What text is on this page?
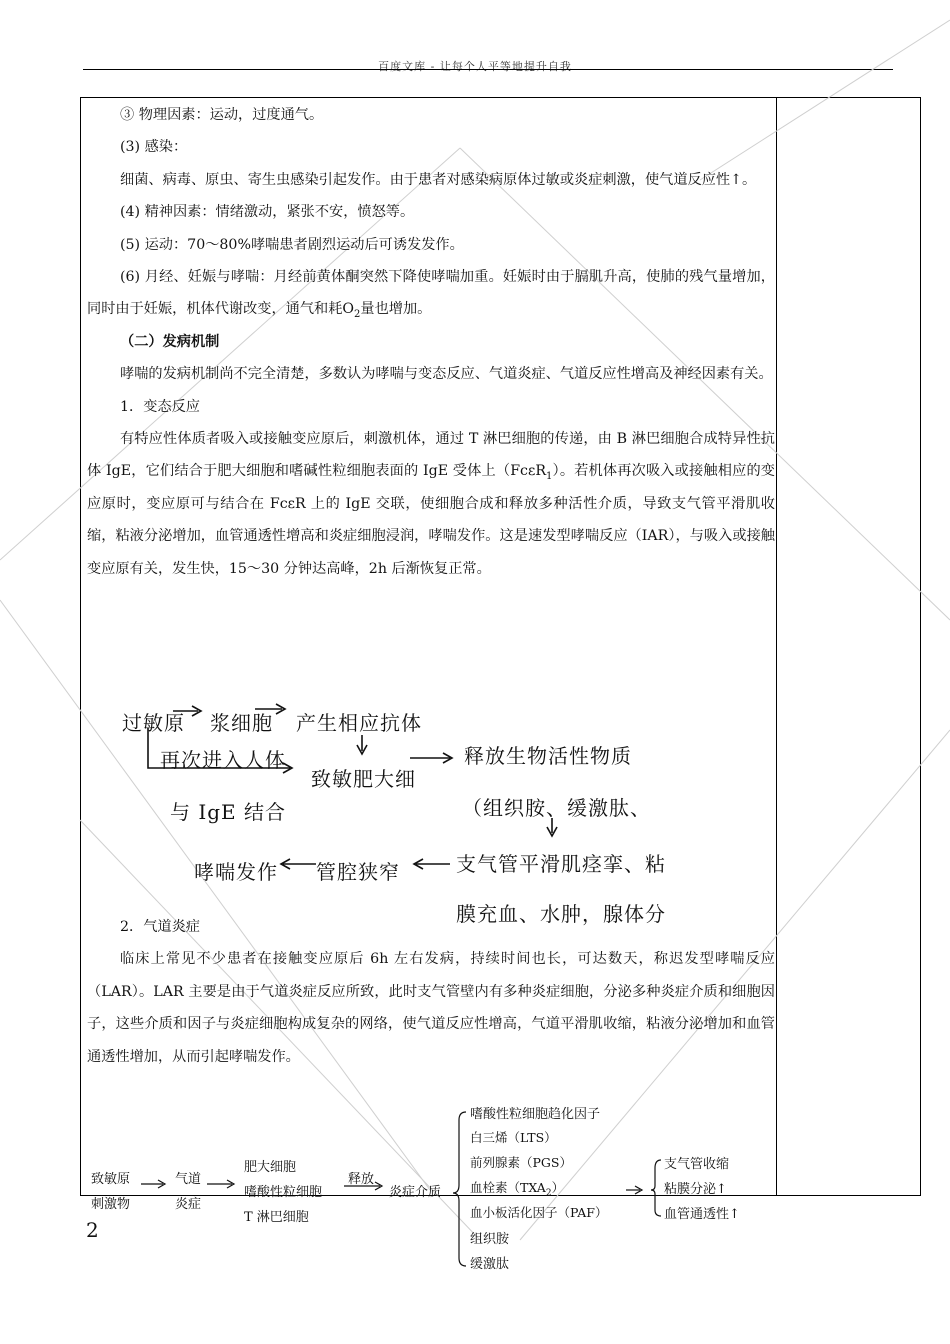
百度文库 - 让每个人平等地提升自我

③ 物理因素：运动，过度通气。

(3) 感染：

细菌、病毒、原虫、寄生虫感染引起发作。由于患者对感染病原体过敏或炎症刺激，使气道反应性↑。

(4) 精神因素：情绪激动，紧张不安，愤怒等。

(5) 运动：70～80%哮喘患者剧烈运动后可诱发发作。

(6) 月经、妊娠与哮喘：月经前黄体酮突然下降使哮喘加重。妊娠时由于膈肌升高，使肺的残气量增加，同时由于妊娠，机体代谢改变，通气和耗$O_2$量也增加。

（二）发病机制

哮喘的发病机制尚不完全清楚，多数认为哮喘与变态反应、气道炎症、气道反应性增高及神经因素有关。

1．变态反应

有特应性体质者吸入或接触变应原后，刺激机体，通过 T 淋巴细胞的传递，由 B 淋巴细胞合成特异性抗体 IgE，它们结合于肥大细胞和嗜碱性粒细胞表面的 IgE 受体上（FcεR$_1$）。若机体再次吸入或接触相应的变应原时，变应原可与结合在 FcεR 上的 IgE 交联，使细胞合成和释放多种活性介质，导致支气管平滑肌收缩，粘液分泌增加，血管通透性增高和炎症细胞浸润，哮喘发作。这是速发型哮喘反应（IAR），与吸入或接触变应原有关，发生快，15～30 分钟达高峰，2h 后渐恢复正常。

过敏原 浆细胞 产生相应抗体
再次进入人体
致敏肥大细
与 IgE 结合
释放生物活性物质
（组织胺、缓激肽、
支气管平滑肌痉挛、粘
膜充血、水肿，腺体分
管腔狭窄
哮喘发作

2．气道炎症

临床上常见不少患者在接触变应原后 6h 左右发病，持续时间也长，可达数天，称迟发型哮喘反应（LAR）。LAR 主要是由于气道炎症反应所致，此时支气管壁内有多种炎症细胞，分泌多种炎症介质和细胞因子，这些介质和因子与炎症细胞构成复杂的网络，使气道反应性增高，气道平滑肌收缩，粘液分泌增加和血管通透性增加，从而引起哮喘发作。

致敏原
刺激物
气道
炎症
肥大细胞
嗜酸性粒细胞
T 淋巴细胞
释放
炎症介质
嗜酸性粒细胞趋化因子
白三烯（LTS）
前列腺素（PGS）
血栓素$(TXA_2)$
血小板活化因子（PAF）
组织胺
缓激肽
支气管收缩
粘膜分泌↑
血管通透性↑
2
